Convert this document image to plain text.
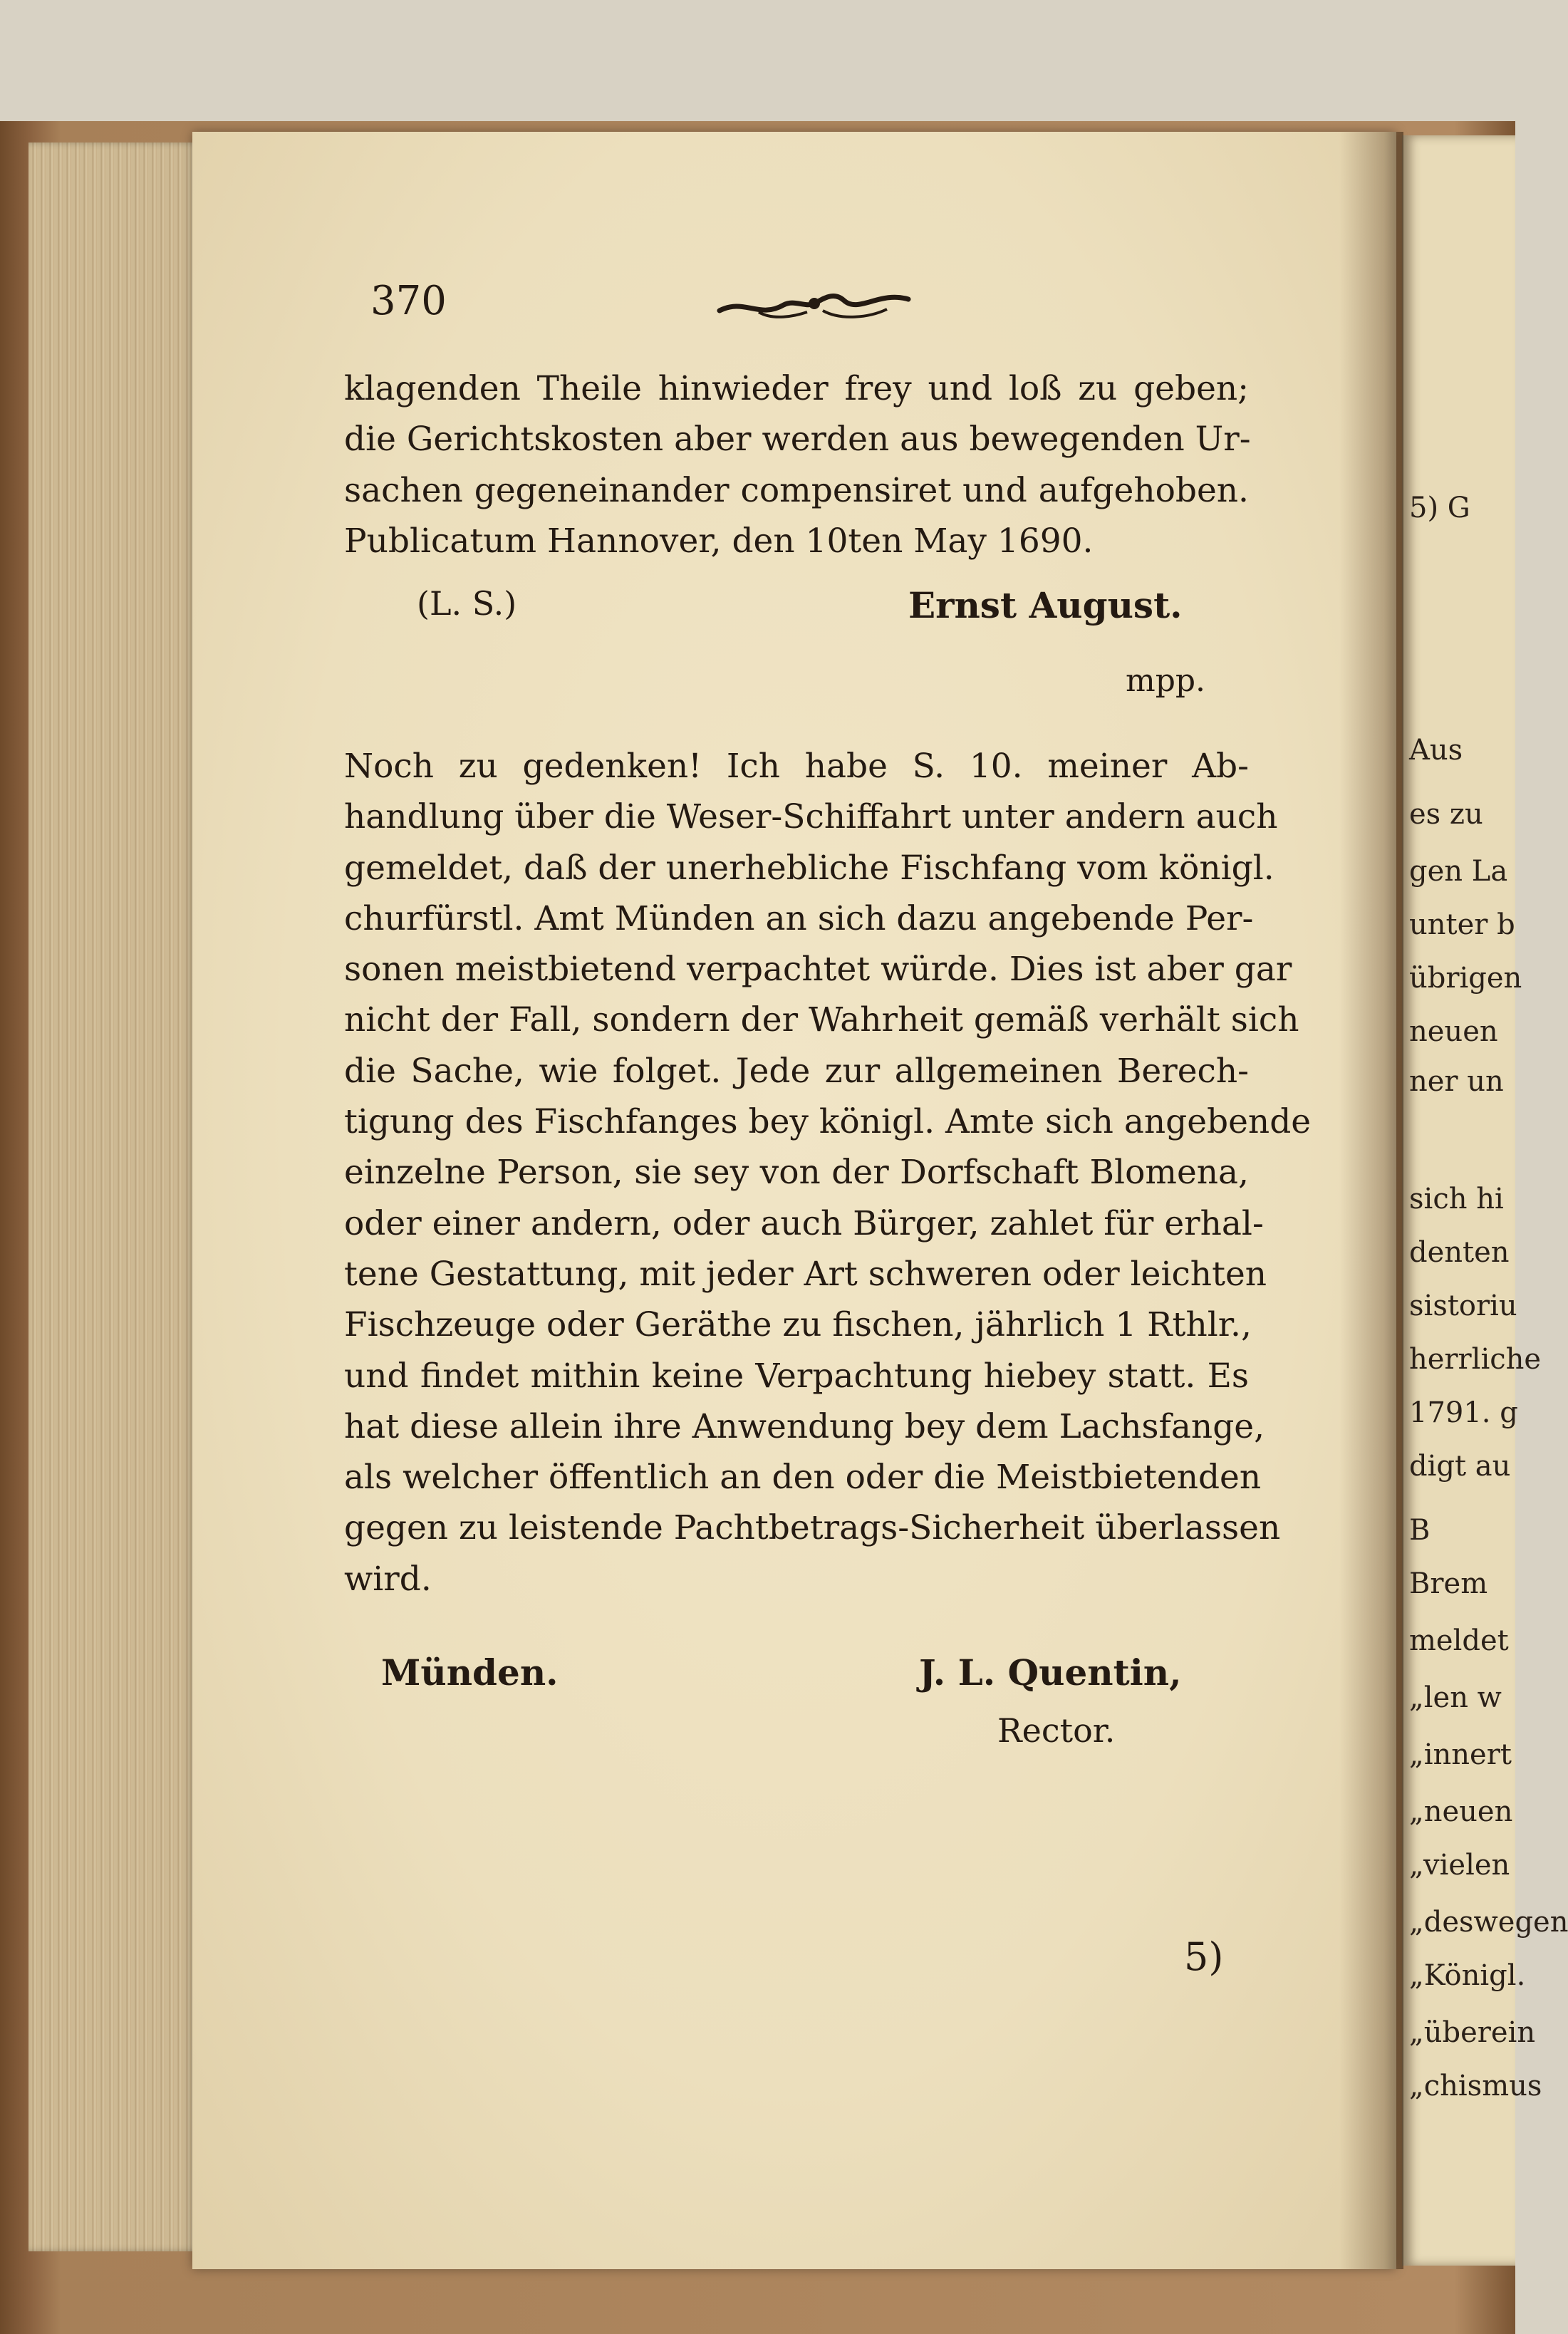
5) G
Aus
es zu
gen La
unter b
übrigen
neuen
ner un
sich hi
denten
sistoriu
herrliche
1791. g
digt au
B
Brem
meldet
„len w
„innert
„neuen
„vielen
„deswegen
„Königl.
„überein
„chismus
370
klagenden Theile hinwieder frey und loß zu geben;
die Gerichtskosten aber werden aus bewegenden Ur-
sachen gegeneinander compensiret und aufgehoben.
Publicatum Hannover, den 10ten May 1690.
(L. S.)	Ernst August.
mpp.
Noch zu gedenken! Ich habe S. 10. meiner Ab-
handlung über die Weser-Schiffahrt unter andern auch
gemeldet, daß der unerhebliche Fischfang vom königl.
churfürstl. Amt Münden an sich dazu angebende Per-
sonen meistbietend verpachtet würde. Dies ist aber gar
nicht der Fall, sondern der Wahrheit gemäß verhält sich
die Sache, wie folget. Jede zur allgemeinen Berech-
tigung des Fischfanges bey königl. Amte sich angebende
einzelne Person, sie sey von der Dorfschaft Blomena,
oder einer andern, oder auch Bürger, zahlet für erhal-
tene Gestattung, mit jeder Art schweren oder leichten
Fischzeuge oder Geräthe zu fischen, jährlich 1 Rthlr.,
und findet mithin keine Verpachtung hiebey statt. Es
hat diese allein ihre Anwendung bey dem Lachsfange,
als welcher öffentlich an den oder die Meistbietenden
gegen zu leistende Pachtbetrags-Sicherheit überlassen
wird.
Münden.	J. L. Quentin,
Rector.
5)
